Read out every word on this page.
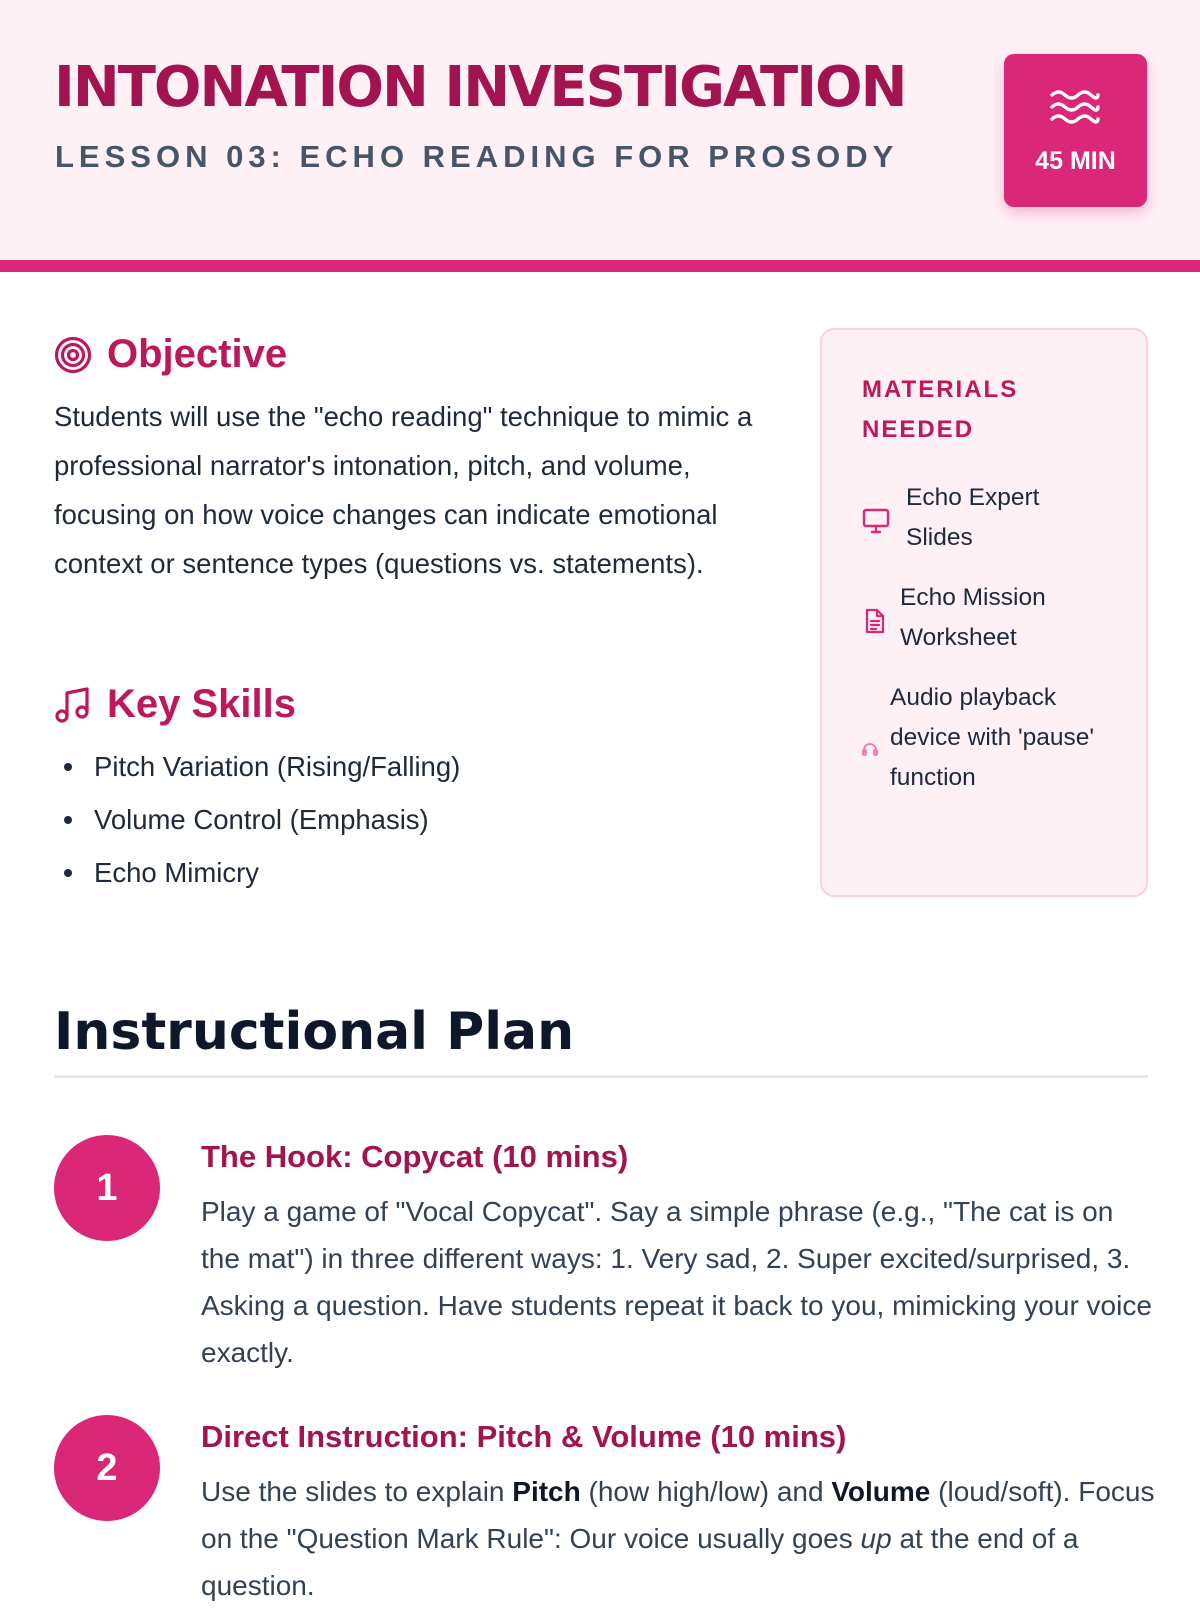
INTONATION INVESTIGATION
LESSON 03: ECHO READING FOR PROSODY	45 MIN
Objective
Students will use the "echo reading" technique to mimic a professional narrator's intonation, pitch, and volume, focusing on how voice changes can indicate emotional context or sentence types (questions vs. statements).
Key Skills
Pitch Variation (Rising/Falling)
Volume Control (Emphasis)
Echo Mimicry
MATERIALS NEEDED
Echo Expert Slides
Echo Mission Worksheet
Audio playback device with 'pause' function
Instructional Plan
1
The Hook: Copycat (10 mins)
Play a game of "Vocal Copycat". Say a simple phrase (e.g., "The cat is on the mat") in three different ways: 1. Very sad, 2. Super excited/surprised, 3. Asking a question. Have students repeat it back to you, mimicking your voice exactly.
2
Direct Instruction: Pitch & Volume (10 mins)
Use the slides to explain Pitch (how high/low) and Volume (loud/soft). Focus on the "Question Mark Rule": Our voice usually goes up at the end of a question.
